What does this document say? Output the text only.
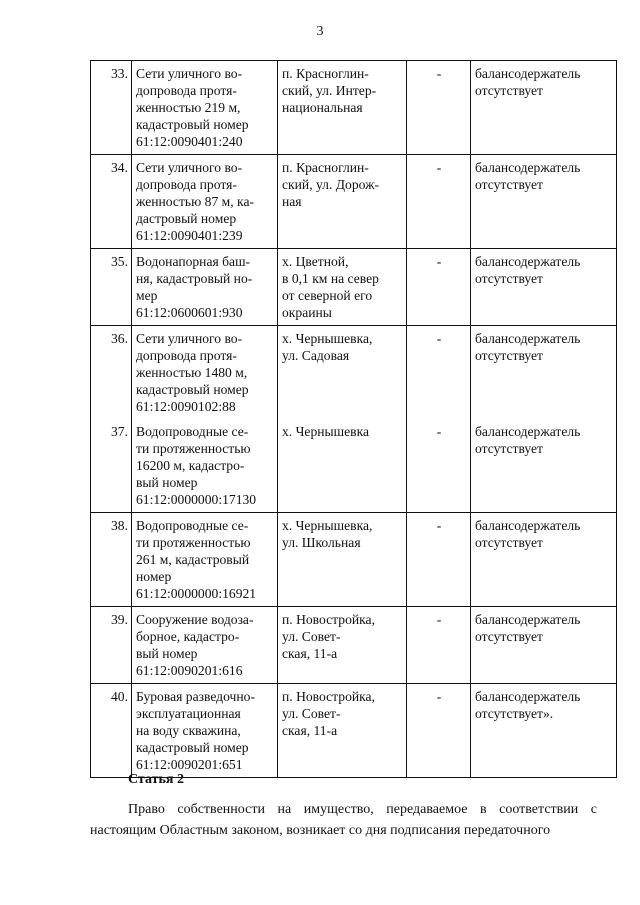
3
33.	Сети уличного во-
допровода протя-
женностью 219 м,
кадастровый номер
61:12:0090401:240	п. Красноглин-
ский, ул. Интер-
национальная	-	балансодержатель
отсутствует
34.	Сети уличного во-
допровода протя-
женностью 87 м, ка-
дастровый номер
61:12:0090401:239	п. Красноглин-
ский, ул. Дорож-
ная	-	балансодержатель
отсутствует
35.	Водонапорная баш-
ня, кадастровый но-
мер
61:12:0600601:930	х. Цветной,
в 0,1 км на север
от северной его
окраины	-	балансодержатель
отсутствует
36.	Сети уличного во-
допровода протя-
женностью 1480 м,
кадастровый номер
61:12:0090102:88	х. Чернышевка,
ул. Садовая	-	балансодержатель
отсутствует
37.	Водопроводные се-
ти протяженностью
16200 м, кадастро-
вый номер
61:12:0000000:17130	х. Чернышевка	-	балансодержатель
отсутствует
38.	Водопроводные се-
ти протяженностью
261 м, кадастровый
номер
61:12:0000000:16921	х. Чернышевка,
ул. Школьная	-	балансодержатель
отсутствует
39.	Сооружение водоза-
борное, кадастро-
вый номер
61:12:0090201:616	п. Новостройка,
ул. Совет-
ская, 11-а	-	балансодержатель
отсутствует
40.	Буровая разведочно-
эксплуатационная
на воду скважина,
кадастровый номер
61:12:0090201:651	п. Новостройка,
ул. Совет-
ская, 11-а	-	балансодержатель
отсутствует».
Статья 2

Право собственности на имущество, передаваемое в соответствии с настоящим Областным законом, возникает со дня подписания передаточного
